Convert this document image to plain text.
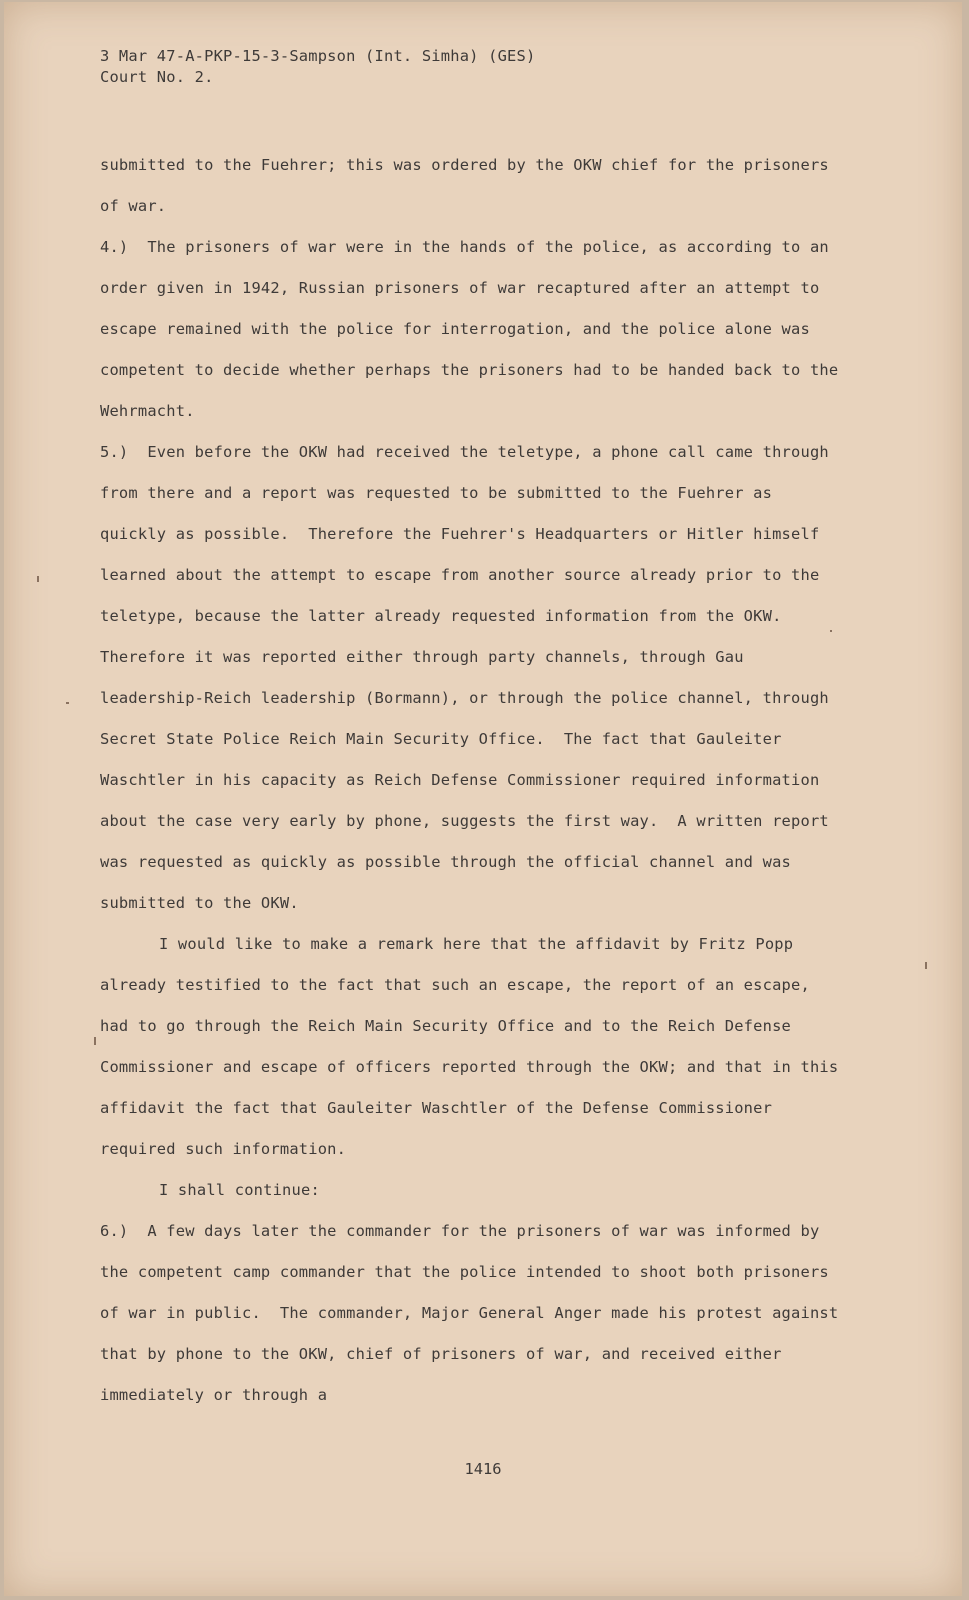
3 Mar 47-A-PKP-15-3-Sampson (Int. Simha) (GES)

Court No. 2.

submitted to the Fuehrer; this was ordered by the OKW chief for the prisoners of war.

4.)  The prisoners of war were in the hands of the police, as according to an order given in 1942, Russian prisoners of war recaptured after an attempt to escape remained with the police for interrogation, and the police alone was competent to decide whether perhaps the prisoners had to be handed back to the Wehrmacht.

5.)  Even before the OKW had received the teletype, a phone call came through from there and a report was requested to be submitted to the Fuehrer as quickly as possible.  Therefore the Fuehrer's Headquarters or Hitler himself learned about the attempt to escape from another source already prior to the teletype, because the latter already requested information from the OKW.  Therefore it was reported either through party channels, through Gau leadership-Reich leadership (Bormann), or through the police channel, through Secret State Police Reich Main Security Office.  The fact that Gauleiter Waschtler in his capacity as Reich Defense Commissioner required information about the case very early by phone, suggests the first way.  A written report was requested as quickly as possible through the official channel and was submitted to the OKW.

I would like to make a remark here that the affidavit by Fritz Popp already testified to the fact that such an escape, the report of an escape, had to go through the Reich Main Security Office and to the Reich Defense Commissioner and escape of officers reported through the OKW; and that in this affidavit the fact that Gauleiter Waschtler of the Defense Commissioner required such information.

I shall continue:

6.)  A few days later the commander for the prisoners of war was informed by the competent camp commander that the police intended to shoot both prisoners of war in public.  The commander, Major General Anger made his protest against that by phone to the OKW, chief of prisoners of war, and received either immediately or through a

1416
